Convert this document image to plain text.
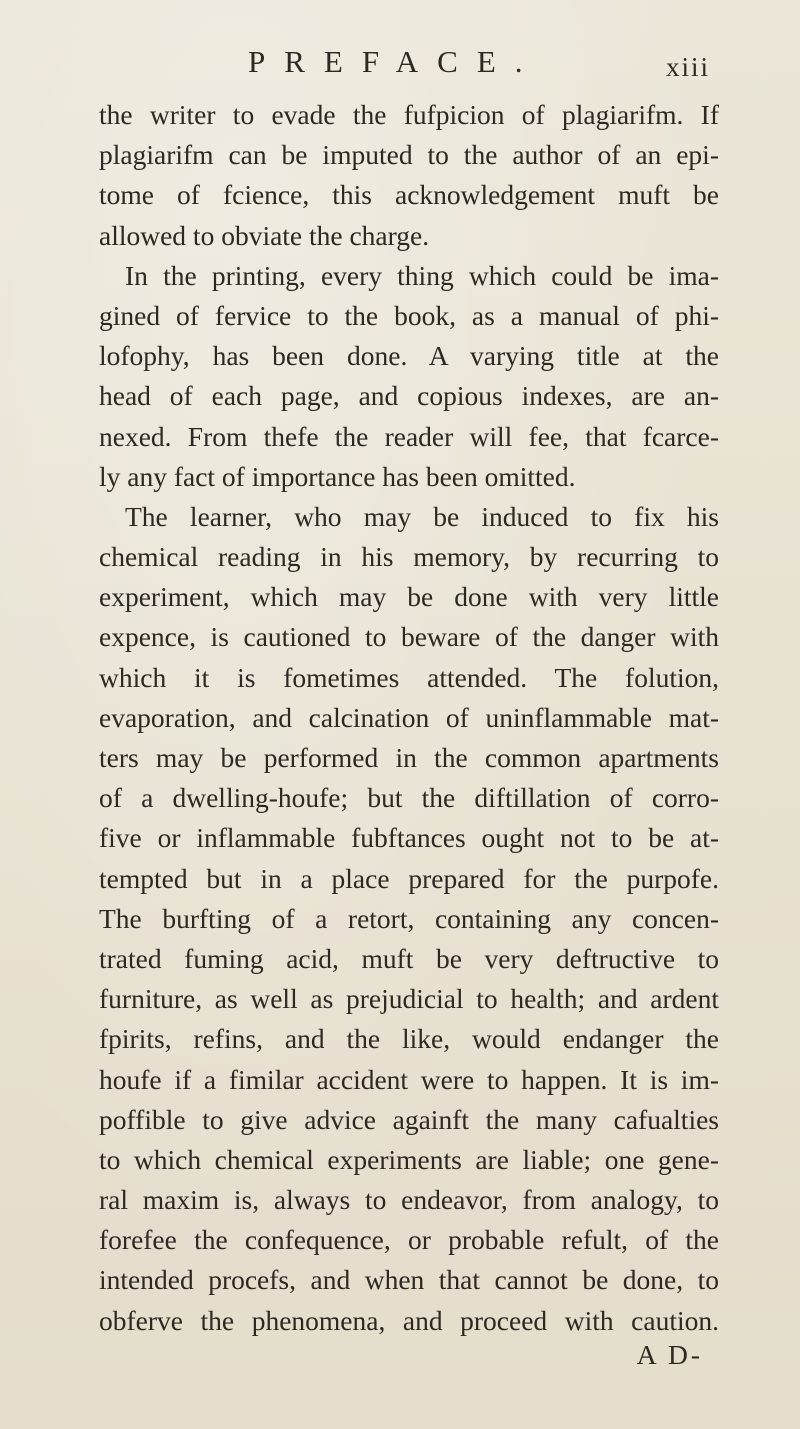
PREFACE.	xiii
the writer to evade the fufpicion of plagiarifm. If
plagiarifm can be imputed to the author of an epi-
tome of fcience, this acknowledgement muft be
allowed to obviate the charge.
In the printing, every thing which could be ima-
gined of fervice to the book, as a manual of phi-
lofophy, has been done. A varying title at the
head of each page, and copious indexes, are an-
nexed. From thefe the reader will fee, that fcarce-
ly any fact of importance has been omitted.
The learner, who may be induced to fix his
chemical reading in his memory, by recurring to
experiment, which may be done with very little
expence, is cautioned to beware of the danger with
which it is fometimes attended. The folution,
evaporation, and calcination of uninflammable mat-
ters may be performed in the common apartments
of a dwelling-houfe; but the diftillation of corro-
five or inflammable fubftances ought not to be at-
tempted but in a place prepared for the purpofe.
The burfting of a retort, containing any concen-
trated fuming acid, muft be very deftructive to
furniture, as well as prejudicial to health; and ardent
fpirits, refins, and the like, would endanger the
houfe if a fimilar accident were to happen. It is im-
poffible to give advice againft the many cafualties
to which chemical experiments are liable; one gene-
ral maxim is, always to endeavor, from analogy, to
forefee the confequence, or probable refult, of the
intended procefs, and when that cannot be done, to
obferve the phenomena, and proceed with caution.
A D-
